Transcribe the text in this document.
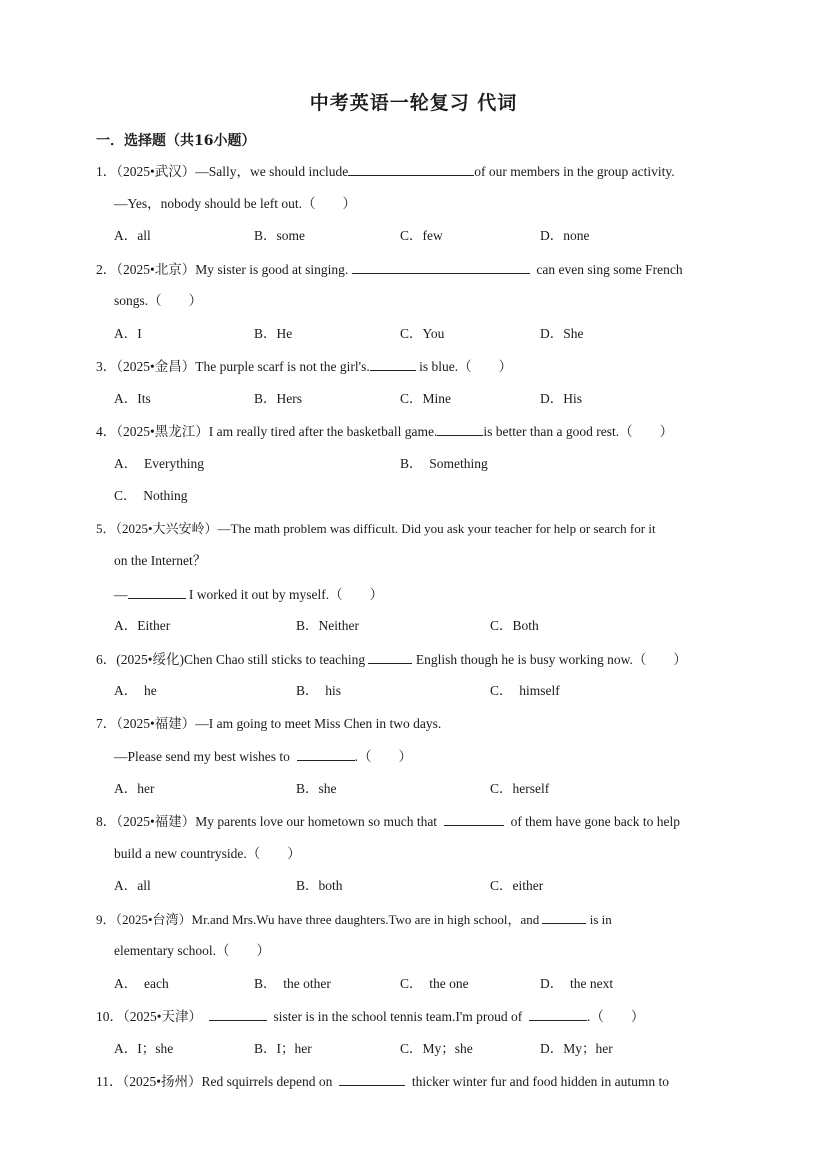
中考英语一轮复习 代词
一．选择题（共16小题）
1．（2025•武汉）—Sally，we should include	of our members in the group activity.
—Yes，nobody should be left out.（　　）
A．all	B．some	C．few	D．none
2．（2025•北京）My sister is good at singing.	can even sing some French
songs.（　　）
A．I	B．He	C．You	D．She
3．（2025•金昌）The purple scarf is not the girl's.	is blue.（　　）
A．Its	B．Hers	C．Mine	D．His
4．（2025•黑龙江）I am really tired after the basketball game.	is better than a good rest.（　　）
A．　Everything	B．　Something
C．　Nothing
5．（2025•大兴安岭）—The math problem was difficult. Did you ask your teacher for help or search for it
on the Internet？
—	I worked it out by myself.（　　）
A．Either	B．Neither	C．Both
6．(2025•绥化)Chen Chao still sticks to teaching	English though he is busy working now.（　　）
A．　he	B．　his	C．　himself
7．（2025•福建）—I am going to meet Miss Chen in two days.
—Please send my best wishes to	.（　　）
A．her	B．she	C．herself
8．（2025•福建）My parents love our hometown so much that	of them have gone back to help
build a new countryside.（　　）
A．all	B．both	C．either
9．（2025•台湾）Mr.and Mrs.Wu have three daughters.Two are in high school，and	is in
elementary school.（　　）
A．　each	B．　the other	C．　the one	D．　the next
10．（2025•天津）	sister is in the school tennis team.I'm proud of	.（　　）
A．I；she	B．I；her	C．My；she	D．My；her
11．（2025•扬州）Red squirrels depend on	thicker winter fur and food hidden in autumn to
